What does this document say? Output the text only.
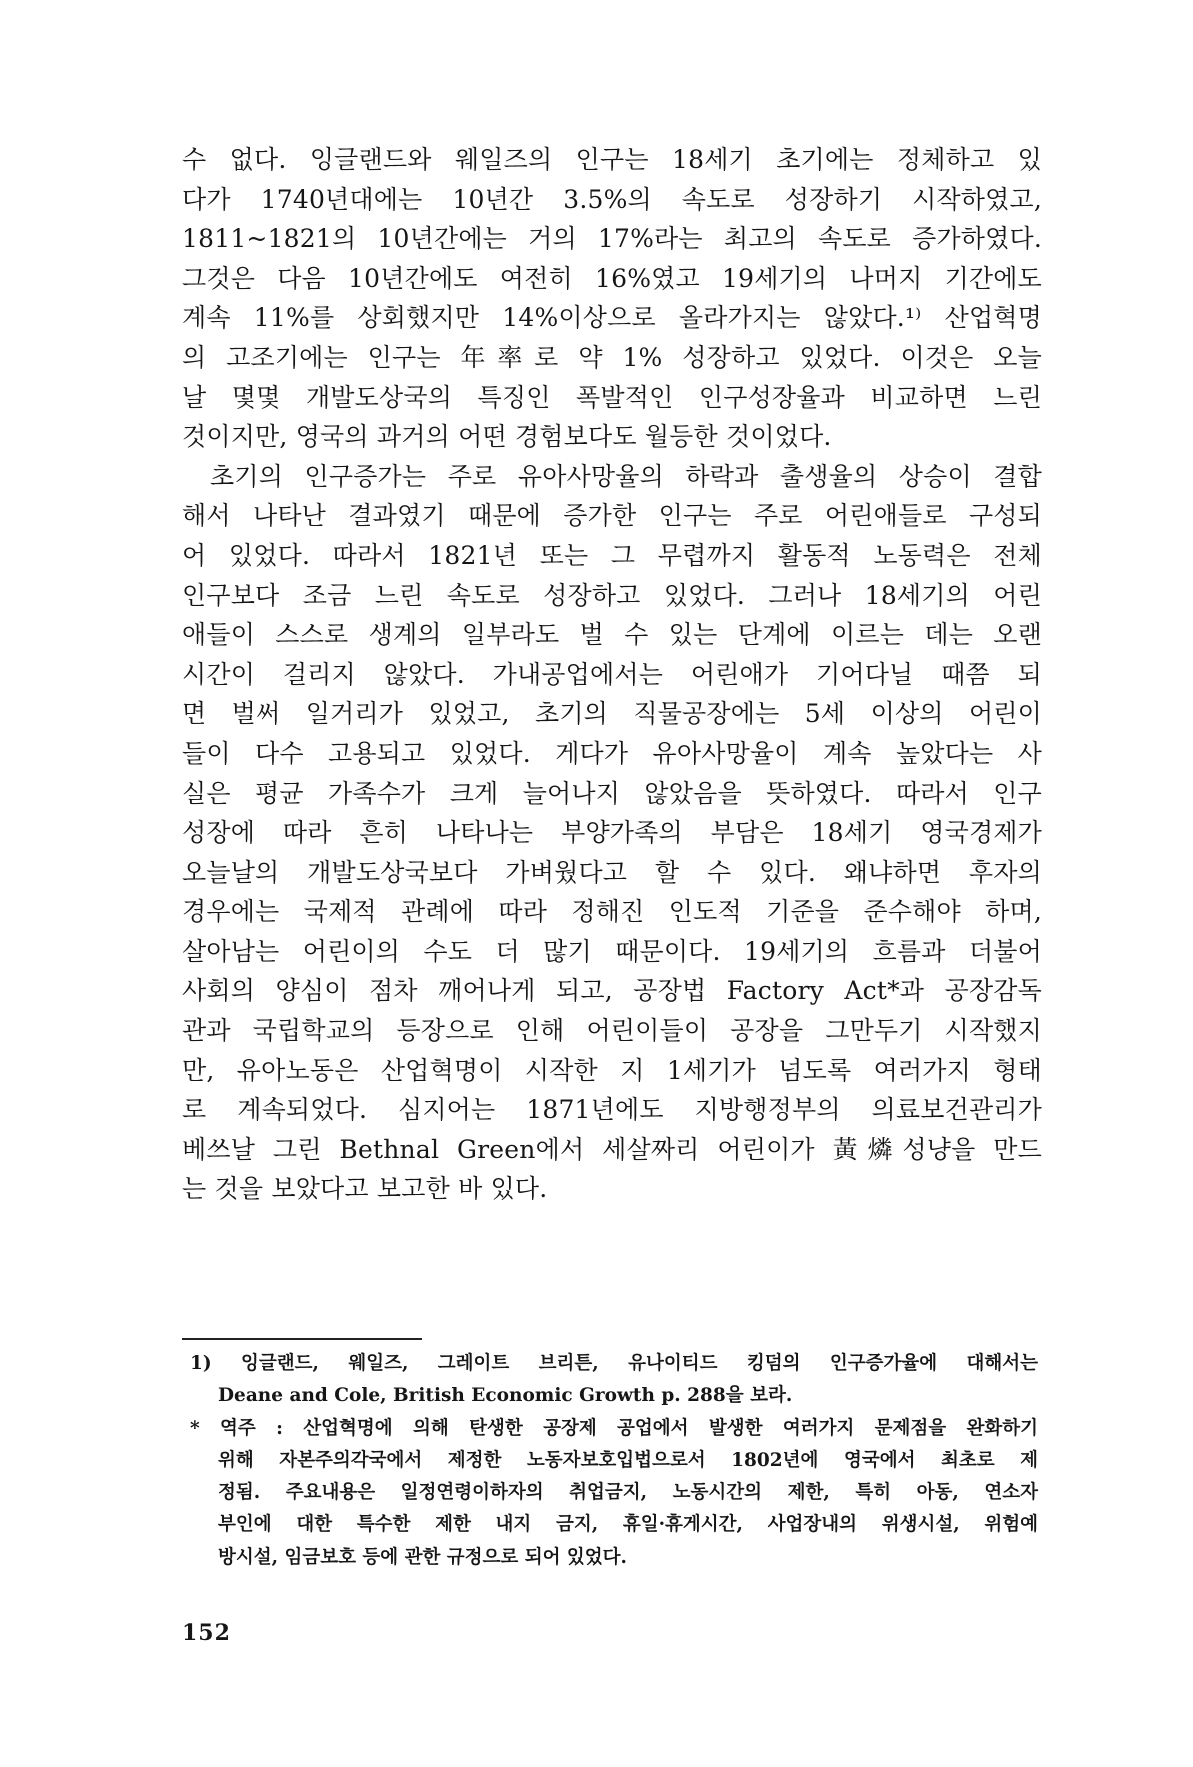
수 없다. 잉글랜드와 웨일즈의 인구는 18세기 초기에는 정체하고 있
다가 1740년대에는 10년간 3.5%의 속도로 성장하기 시작하였고,
1811~1821의 10년간에는 거의 17%라는 최고의 속도로 증가하였다.
그것은 다음 10년간에도 여전히 16%였고 19세기의 나머지 기간에도
계속 11%를 상회했지만 14%이상으로 올라가지는 않았다.¹⁾ 산업혁명
의 고조기에는 인구는 年率로 약 1% 성장하고 있었다. 이것은 오늘
날 몇몇 개발도상국의 특징인 폭발적인 인구성장율과 비교하면 느린
것이지만, 영국의 과거의 어떤 경험보다도 월등한 것이었다.
초기의 인구증가는 주로 유아사망율의 하락과 출생율의 상승이 결합
해서 나타난 결과였기 때문에 증가한 인구는 주로 어린애들로 구성되
어 있었다. 따라서 1821년 또는 그 무렵까지 활동적 노동력은 전체
인구보다 조금 느린 속도로 성장하고 있었다. 그러나 18세기의 어린
애들이 스스로 생계의 일부라도 벌 수 있는 단계에 이르는 데는 오랜
시간이 걸리지 않았다. 가내공업에서는 어린애가 기어다닐 때쯤 되
면 벌써 일거리가 있었고, 초기의 직물공장에는 5세 이상의 어린이
들이 다수 고용되고 있었다. 게다가 유아사망율이 계속 높았다는 사
실은 평균 가족수가 크게 늘어나지 않았음을 뜻하였다. 따라서 인구
성장에 따라 흔히 나타나는 부양가족의 부담은 18세기 영국경제가
오늘날의 개발도상국보다 가벼웠다고 할 수 있다. 왜냐하면 후자의
경우에는 국제적 관례에 따라 정해진 인도적 기준을 준수해야 하며,
살아남는 어린이의 수도 더 많기 때문이다. 19세기의 흐름과 더불어
사회의 양심이 점차 깨어나게 되고, 공장법 Factory Act*과 공장감독
관과 국립학교의 등장으로 인해 어린이들이 공장을 그만두기 시작했지
만, 유아노동은 산업혁명이 시작한 지 1세기가 넘도록 여러가지 형태
로 계속되었다. 심지어는 1871년에도 지방행정부의 의료보건관리가
베쓰날 그린 Bethnal Green에서 세살짜리 어린이가 黃燐성냥을 만드
는 것을 보았다고 보고한 바 있다.
1) 잉글랜드, 웨일즈, 그레이트 브리튼, 유나이티드 킹덤의 인구증가율에 대해서는
Deane and Cole, British Economic Growth p. 288을 보라.
* 역주 : 산업혁명에 의해 탄생한 공장제 공업에서 발생한 여러가지 문제점을 완화하기
위해 자본주의각국에서 제정한 노동자보호입법으로서 1802년에 영국에서 최초로 제
정됨. 주요내용은 일정연령이하자의 취업금지, 노동시간의 제한, 특히 아동, 연소자
부인에 대한 특수한 제한 내지 금지, 휴일·휴게시간, 사업장내의 위생시설, 위험예
방시설, 임금보호 등에 관한 규정으로 되어 있었다.
152
